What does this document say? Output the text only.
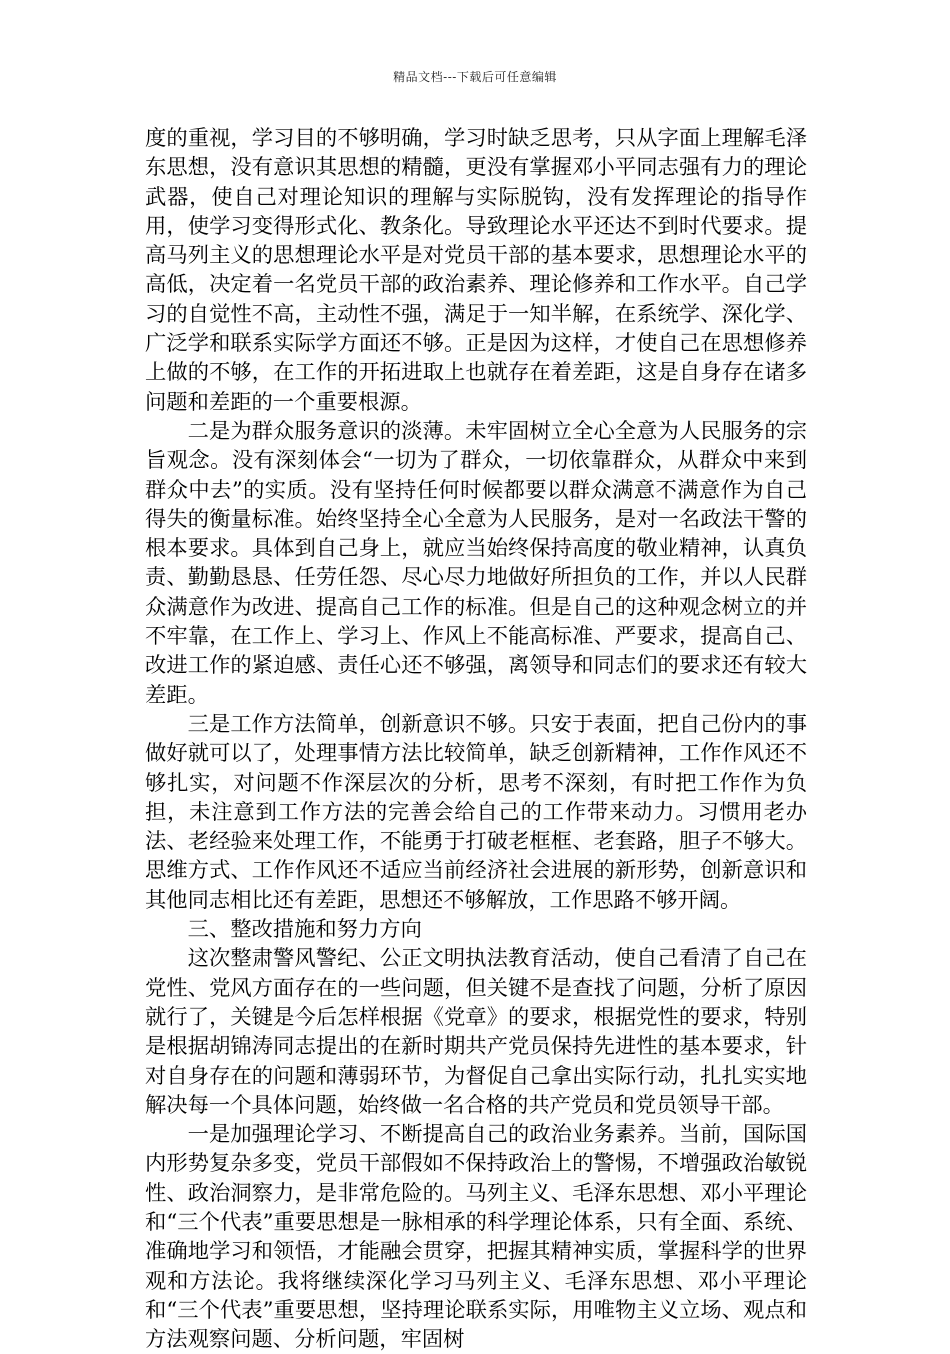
精品文档---下载后可任意编辑

度的重视，学习目的不够明确，学习时缺乏思考，只从字面上理解毛泽东思想，没有意识其思想的精髓，更没有掌握邓小平同志强有力的理论武器，使自己对理论知识的理解与实际脱钩，没有发挥理论的指导作用，使学习变得形式化、教条化。导致理论水平还达不到时代要求。提高马列主义的思想理论水平是对党员干部的基本要求，思想理论水平的高低，决定着一名党员干部的政治素养、理论修养和工作水平。自己学习的自觉性不高，主动性不强，满足于一知半解，在系统学、深化学、广泛学和联系实际学方面还不够。正是因为这样，才使自己在思想修养上做的不够，在工作的开拓进取上也就存在着差距，这是自身存在诸多问题和差距的一个重要根源。

二是为群众服务意识的淡薄。未牢固树立全心全意为人民服务的宗旨观念。没有深刻体会“一切为了群众，一切依靠群众，从群众中来到群众中去”的实质。没有坚持任何时候都要以群众满意不满意作为自己得失的衡量标准。始终坚持全心全意为人民服务，是对一名政法干警的根本要求。具体到自己身上，就应当始终保持高度的敬业精神，认真负责、勤勤恳恳、任劳任怨、尽心尽力地做好所担负的工作，并以人民群众满意作为改进、提高自己工作的标准。但是自己的这种观念树立的并不牢靠，在工作上、学习上、作风上不能高标准、严要求，提高自己、改进工作的紧迫感、责任心还不够强，离领导和同志们的要求还有较大差距。

三是工作方法简单，创新意识不够。只安于表面，把自己份内的事做好就可以了，处理事情方法比较简单，缺乏创新精神，工作作风还不够扎实，对问题不作深层次的分析，思考不深刻，有时把工作作为负担，未注意到工作方法的完善会给自己的工作带来动力。习惯用老办法、老经验来处理工作，不能勇于打破老框框、老套路，胆子不够大。思维方式、工作作风还不适应当前经济社会进展的新形势，创新意识和其他同志相比还有差距，思想还不够解放，工作思路不够开阔。

三、整改措施和努力方向

这次整肃警风警纪、公正文明执法教育活动，使自己看清了自己在党性、党风方面存在的一些问题，但关键不是查找了问题，分析了原因就行了，关键是今后怎样根据《党章》的要求，根据党性的要求，特别是根据胡锦涛同志提出的在新时期共产党员保持先进性的基本要求，针对自身存在的问题和薄弱环节，为督促自己拿出实际行动，扎扎实实地解决每一个具体问题，始终做一名合格的共产党员和党员领导干部。

一是加强理论学习、不断提高自己的政治业务素养。当前，国际国内形势复杂多变，党员干部假如不保持政治上的警惕，不增强政治敏锐性、政治洞察力，是非常危险的。马列主义、毛泽东思想、邓小平理论和“三个代表”重要思想是一脉相承的科学理论体系，只有全面、系统、准确地学习和领悟，才能融会贯穿，把握其精神实质，掌握科学的世界观和方法论。我将继续深化学习马列主义、毛泽东思想、邓小平理论和“三个代表”重要思想，坚持理论联系实际，用唯物主义立场、观点和方法观察问题、分析问题，牢固树
